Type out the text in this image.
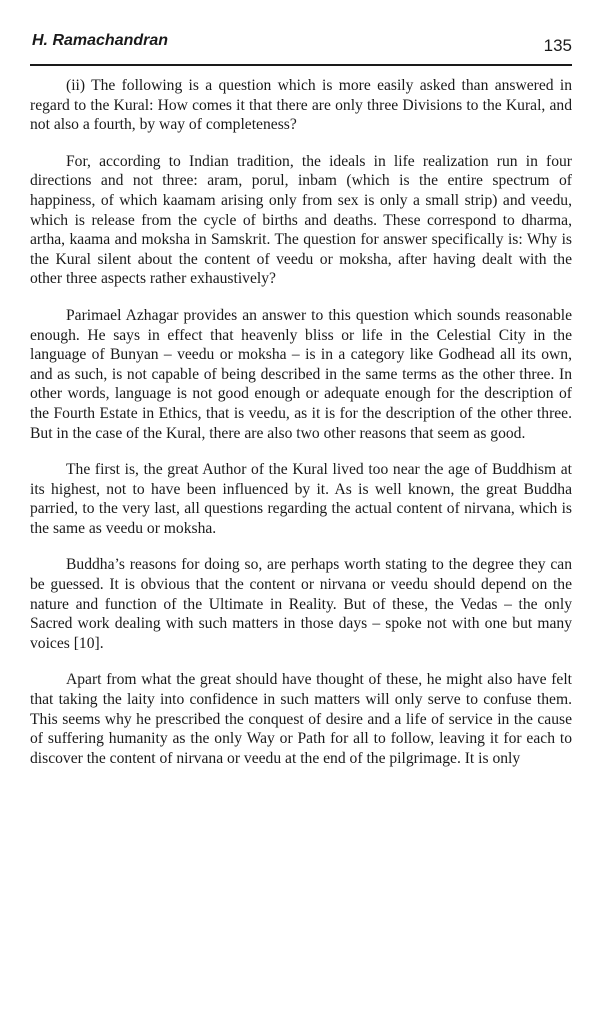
H. Ramachandran	135

(ii) The following is a question which is more easily asked than answered in regard to the Kural: How comes it that there are only three Divisions to the Kural, and not also a fourth, by way of completeness?

For, according to Indian tradition, the ideals in life realization run in four directions and not three: aram, porul, inbam (which is the entire spectrum of happiness, of which kaamam arising only from sex is only a small strip) and veedu, which is release from the cycle of births and deaths. These correspond to dharma, artha, kaama and moksha in Samskrit. The question for answer specifically is: Why is the Kural silent about the content of veedu or moksha, after having dealt with the other three aspects rather exhaustively?

Parimael Azhagar provides an answer to this question which sounds reasonable enough. He says in effect that heavenly bliss or life in the Celestial City in the language of Bunyan – veedu or moksha – is in a category like Godhead all its own, and as such, is not capable of being described in the same terms as the other three. In other words, language is not good enough or adequate enough for the description of the Fourth Estate in Ethics, that is veedu, as it is for the description of the other three. But in the case of the Kural, there are also two other reasons that seem as good.

The first is, the great Author of the Kural lived too near the age of Buddhism at its highest, not to have been influenced by it. As is well known, the great Buddha parried, to the very last, all questions regarding the actual content of nirvana, which is the same as veedu or moksha.

Buddha’s reasons for doing so, are perhaps worth stating to the degree they can be guessed. It is obvious that the content or nirvana or veedu should depend on the nature and function of the Ultimate in Reality. But of these, the Vedas – the only Sacred work dealing with such matters in those days – spoke not with one but many voices [10].

Apart from what the great should have thought of these, he might also have felt that taking the laity into confidence in such matters will only serve to confuse them. This seems why he prescribed the conquest of desire and a life of service in the cause of suffering humanity as the only Way or Path for all to follow, leaving it for each to discover the content of nirvana or veedu at the end of the pilgrimage. It is only
